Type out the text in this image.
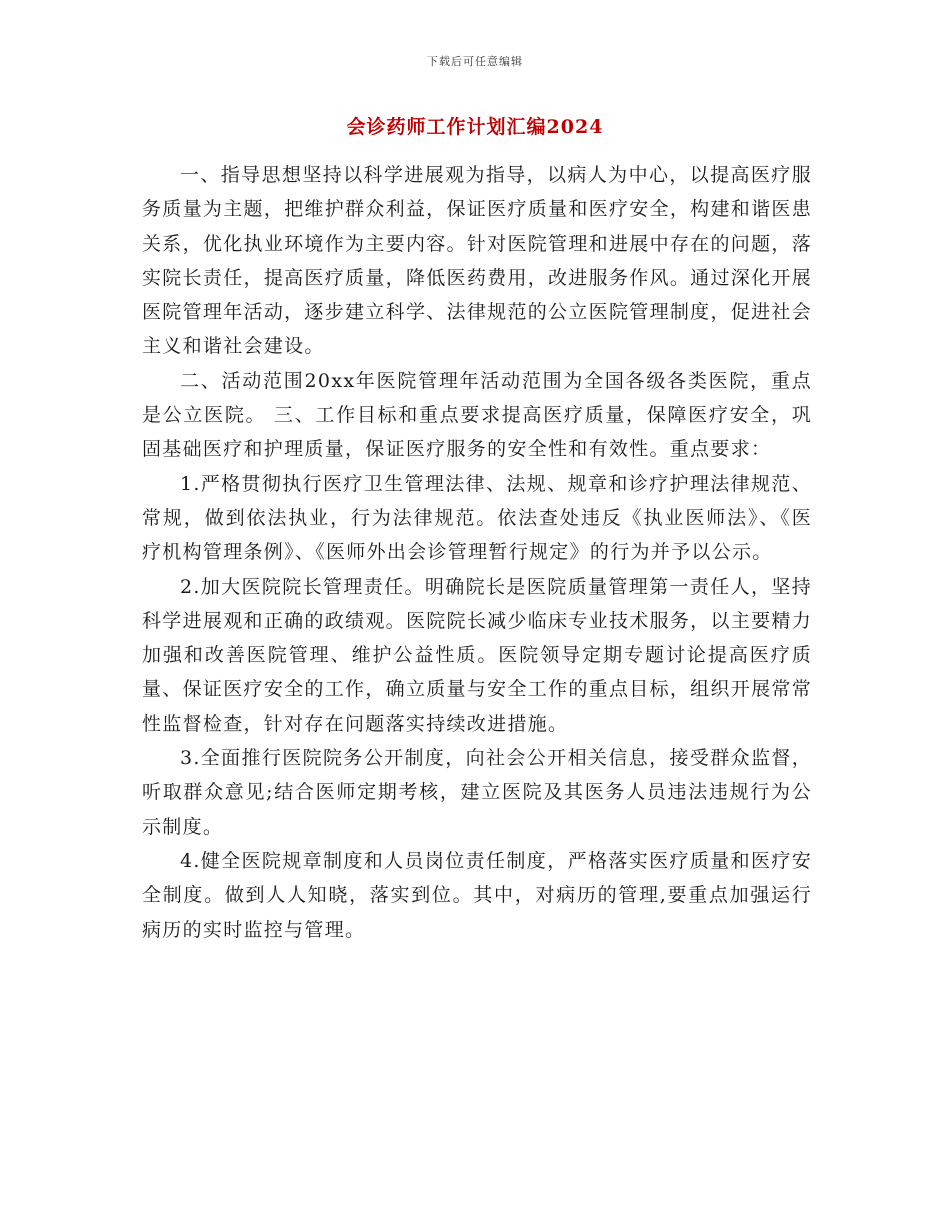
下载后可任意编辑
会诊药师工作计划汇编2024

一、指导思想坚持以科学进展观为指导，以病人为中心，以提高医疗服务质量为主题，把维护群众利益，保证医疗质量和医疗安全，构建和谐医患关系，优化执业环境作为主要内容。针对医院管理和进展中存在的问题，落实院长责任，提高医疗质量，降低医药费用，改进服务作风。通过深化开展医院管理年活动，逐步建立科学、法律规范的公立医院管理制度，促进社会主义和谐社会建设。

二、活动范围20xx年医院管理年活动范围为全国各级各类医院，重点是公立医院。 三、工作目标和重点要求提高医疗质量，保障医疗安全，巩固基础医疗和护理质量，保证医疗服务的安全性和有效性。重点要求：

1.严格贯彻执行医疗卫生管理法律、法规、规章和诊疗护理法律规范、常规，做到依法执业，行为法律规范。依法查处违反《执业医师法》、《医疗机构管理条例》、《医师外出会诊管理暂行规定》的行为并予以公示。

2.加大医院院长管理责任。明确院长是医院质量管理第一责任人，坚持科学进展观和正确的政绩观。医院院长减少临床专业技术服务，以主要精力加强和改善医院管理、维护公益性质。医院领导定期专题讨论提高医疗质量、保证医疗安全的工作，确立质量与安全工作的重点目标，组织开展常常性监督检查，针对存在问题落实持续改进措施。

3.全面推行医院院务公开制度，向社会公开相关信息，接受群众监督，听取群众意见;结合医师定期考核，建立医院及其医务人员违法违规行为公示制度。

4.健全医院规章制度和人员岗位责任制度，严格落实医疗质量和医疗安全制度。做到人人知晓，落实到位。其中，对病历的管理,要重点加强运行病历的实时监控与管理。
